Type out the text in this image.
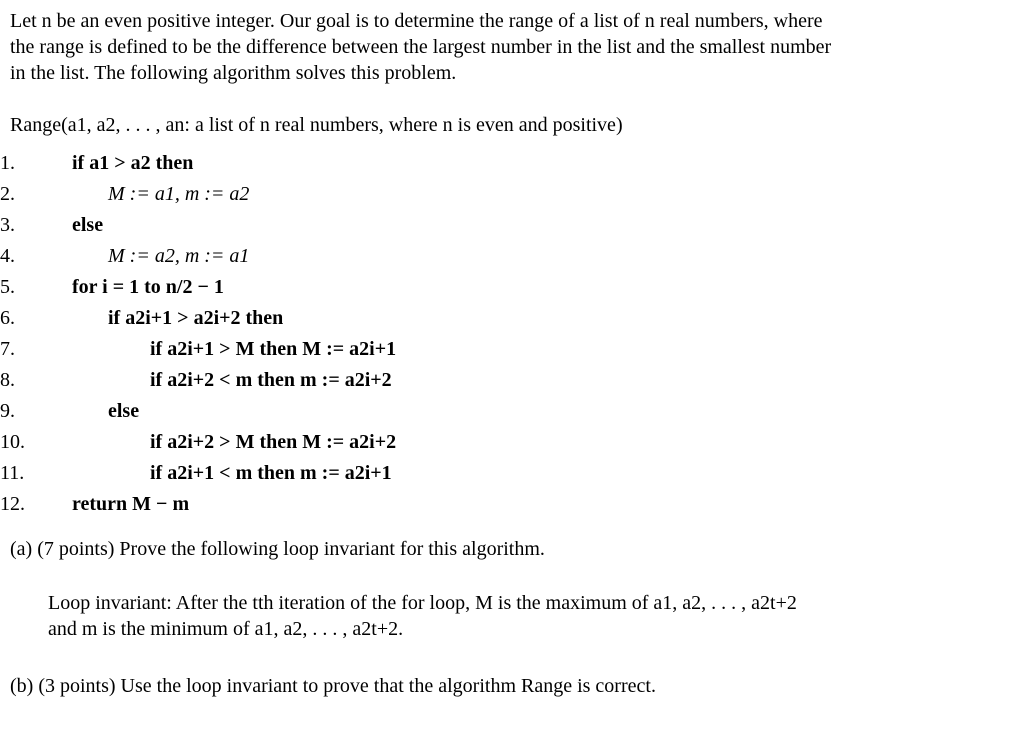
Let n be an even positive integer. Our goal is to determine the range of a list of n real numbers, where
the range is defined to be the difference between the largest number in the list and the smallest number
in the list. The following algorithm solves this problem.
Range(a1, a2, . . . , an: a list of n real numbers, where n is even and positive)
1.	if a1 > a2 then
2.	M := a1, m := a2
3.	else
4.	M := a2, m := a1
5.	for i = 1 to n/2 − 1
6.	if a2i+1 > a2i+2 then
7.	if a2i+1 > M then M := a2i+1
8.	if a2i+2 < m then m := a2i+2
9.	else
10.	if a2i+2 > M then M := a2i+2
11.	if a2i+1 < m then m := a2i+1
12.	return M − m
(a) (7 points) Prove the following loop invariant for this algorithm.
Loop invariant: After the tth iteration of the for loop, M is the maximum of a1, a2, . . . , a2t+2
and m is the minimum of a1, a2, . . . , a2t+2.
(b) (3 points) Use the loop invariant to prove that the algorithm Range is correct.
